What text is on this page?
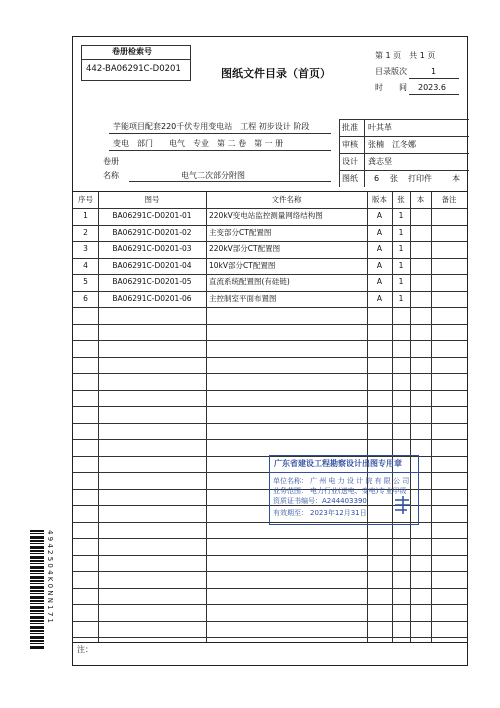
4 9 4 2 5 0 4 K 0 N N 1 7 1
卷册检索号
442-BA06291C-D0201	图纸文件目录（首页）
第 1 页　共 1 页
目录版次	1
时　　间 2023.6
芋能项目配套220千伏专用变电站　工程 初步设计 阶段
变电　部门　　电气　专业　第 二 卷　第 一 册
卷册
名称	电气二次部分附图
批准 叶其革
审核 张楠　江冬娜
设计 龚志坚
图纸 6 张 打印件	本
序号	图号	文件名称	版本	张	本	备注
1	BA06291C-D0201-01	220kV变电站监控测量网络结构图	A	1
2	BA06291C-D0201-02	主变部分CT配置图	A	1
3	BA06291C-D0201-03	220kV部分CT配置图	A	1
4	BA06291C-D0201-04	10kV部分CT配置图	A	1
5	BA06291C-D0201-05	直流系统配置图(有硅链)	A	1
6	BA06291C-D0201-06	主控制室平面布置图	A	1
广东省建设工程勘察设计出图专用章
单位名称： 广 州 电 力 设 计 院 有 限 公 司
业务范围： 电力行业(送电、变电)专业甲级
资质证书编号： A244403390
有效期至： 2023年12月31日
注：
